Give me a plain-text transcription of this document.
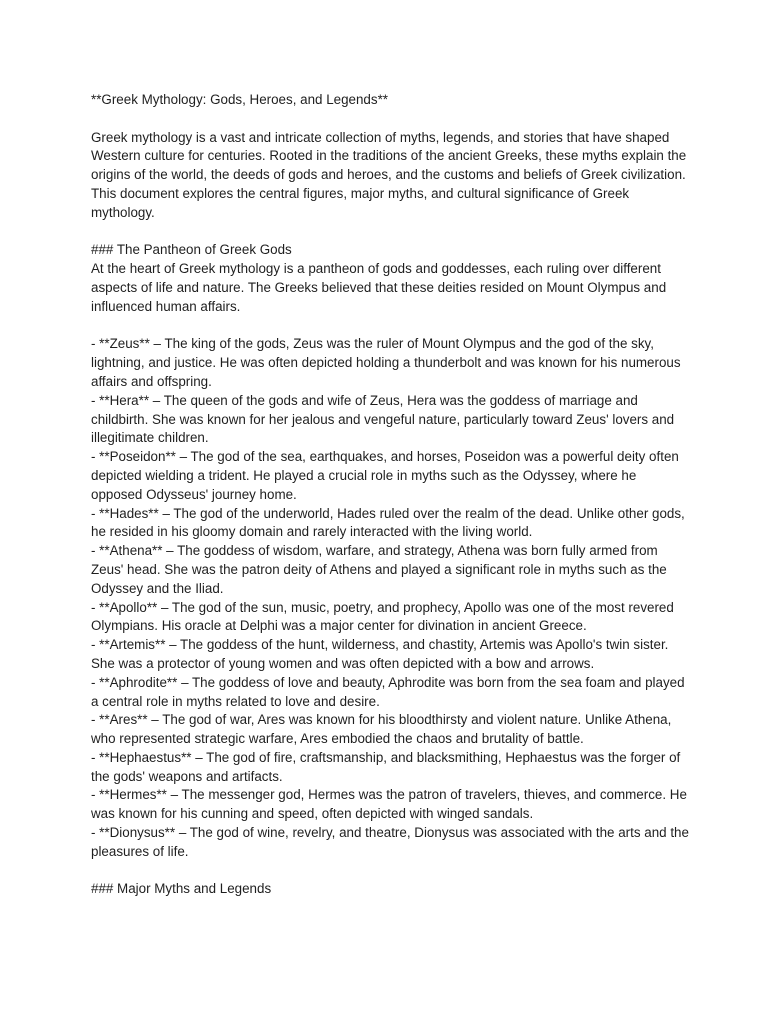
**Greek Mythology: Gods, Heroes, and Legends**

Greek mythology is a vast and intricate collection of myths, legends, and stories that have shaped Western culture for centuries. Rooted in the traditions of the ancient Greeks, these myths explain the origins of the world, the deeds of gods and heroes, and the customs and beliefs of Greek civilization. This document explores the central figures, major myths, and cultural significance of Greek mythology.

### The Pantheon of Greek Gods

At the heart of Greek mythology is a pantheon of gods and goddesses, each ruling over different aspects of life and nature. The Greeks believed that these deities resided on Mount Olympus and influenced human affairs.

- **Zeus** – The king of the gods, Zeus was the ruler of Mount Olympus and the god of the sky, lightning, and justice. He was often depicted holding a thunderbolt and was known for his numerous affairs and offspring.

- **Hera** – The queen of the gods and wife of Zeus, Hera was the goddess of marriage and childbirth. She was known for her jealous and vengeful nature, particularly toward Zeus' lovers and illegitimate children.

- **Poseidon** – The god of the sea, earthquakes, and horses, Poseidon was a powerful deity often depicted wielding a trident. He played a crucial role in myths such as the Odyssey, where he opposed Odysseus' journey home.

- **Hades** – The god of the underworld, Hades ruled over the realm of the dead. Unlike other gods, he resided in his gloomy domain and rarely interacted with the living world.

- **Athena** – The goddess of wisdom, warfare, and strategy, Athena was born fully armed from Zeus' head. She was the patron deity of Athens and played a significant role in myths such as the Odyssey and the Iliad.

- **Apollo** – The god of the sun, music, poetry, and prophecy, Apollo was one of the most revered Olympians. His oracle at Delphi was a major center for divination in ancient Greece.

- **Artemis** – The goddess of the hunt, wilderness, and chastity, Artemis was Apollo's twin sister. She was a protector of young women and was often depicted with a bow and arrows.

- **Aphrodite** – The goddess of love and beauty, Aphrodite was born from the sea foam and played a central role in myths related to love and desire.

- **Ares** – The god of war, Ares was known for his bloodthirsty and violent nature. Unlike Athena, who represented strategic warfare, Ares embodied the chaos and brutality of battle.

- **Hephaestus** – The god of fire, craftsmanship, and blacksmithing, Hephaestus was the forger of the gods' weapons and artifacts.

- **Hermes** – The messenger god, Hermes was the patron of travelers, thieves, and commerce. He was known for his cunning and speed, often depicted with winged sandals.

- **Dionysus** – The god of wine, revelry, and theatre, Dionysus was associated with the arts and the pleasures of life.

### Major Myths and Legends
